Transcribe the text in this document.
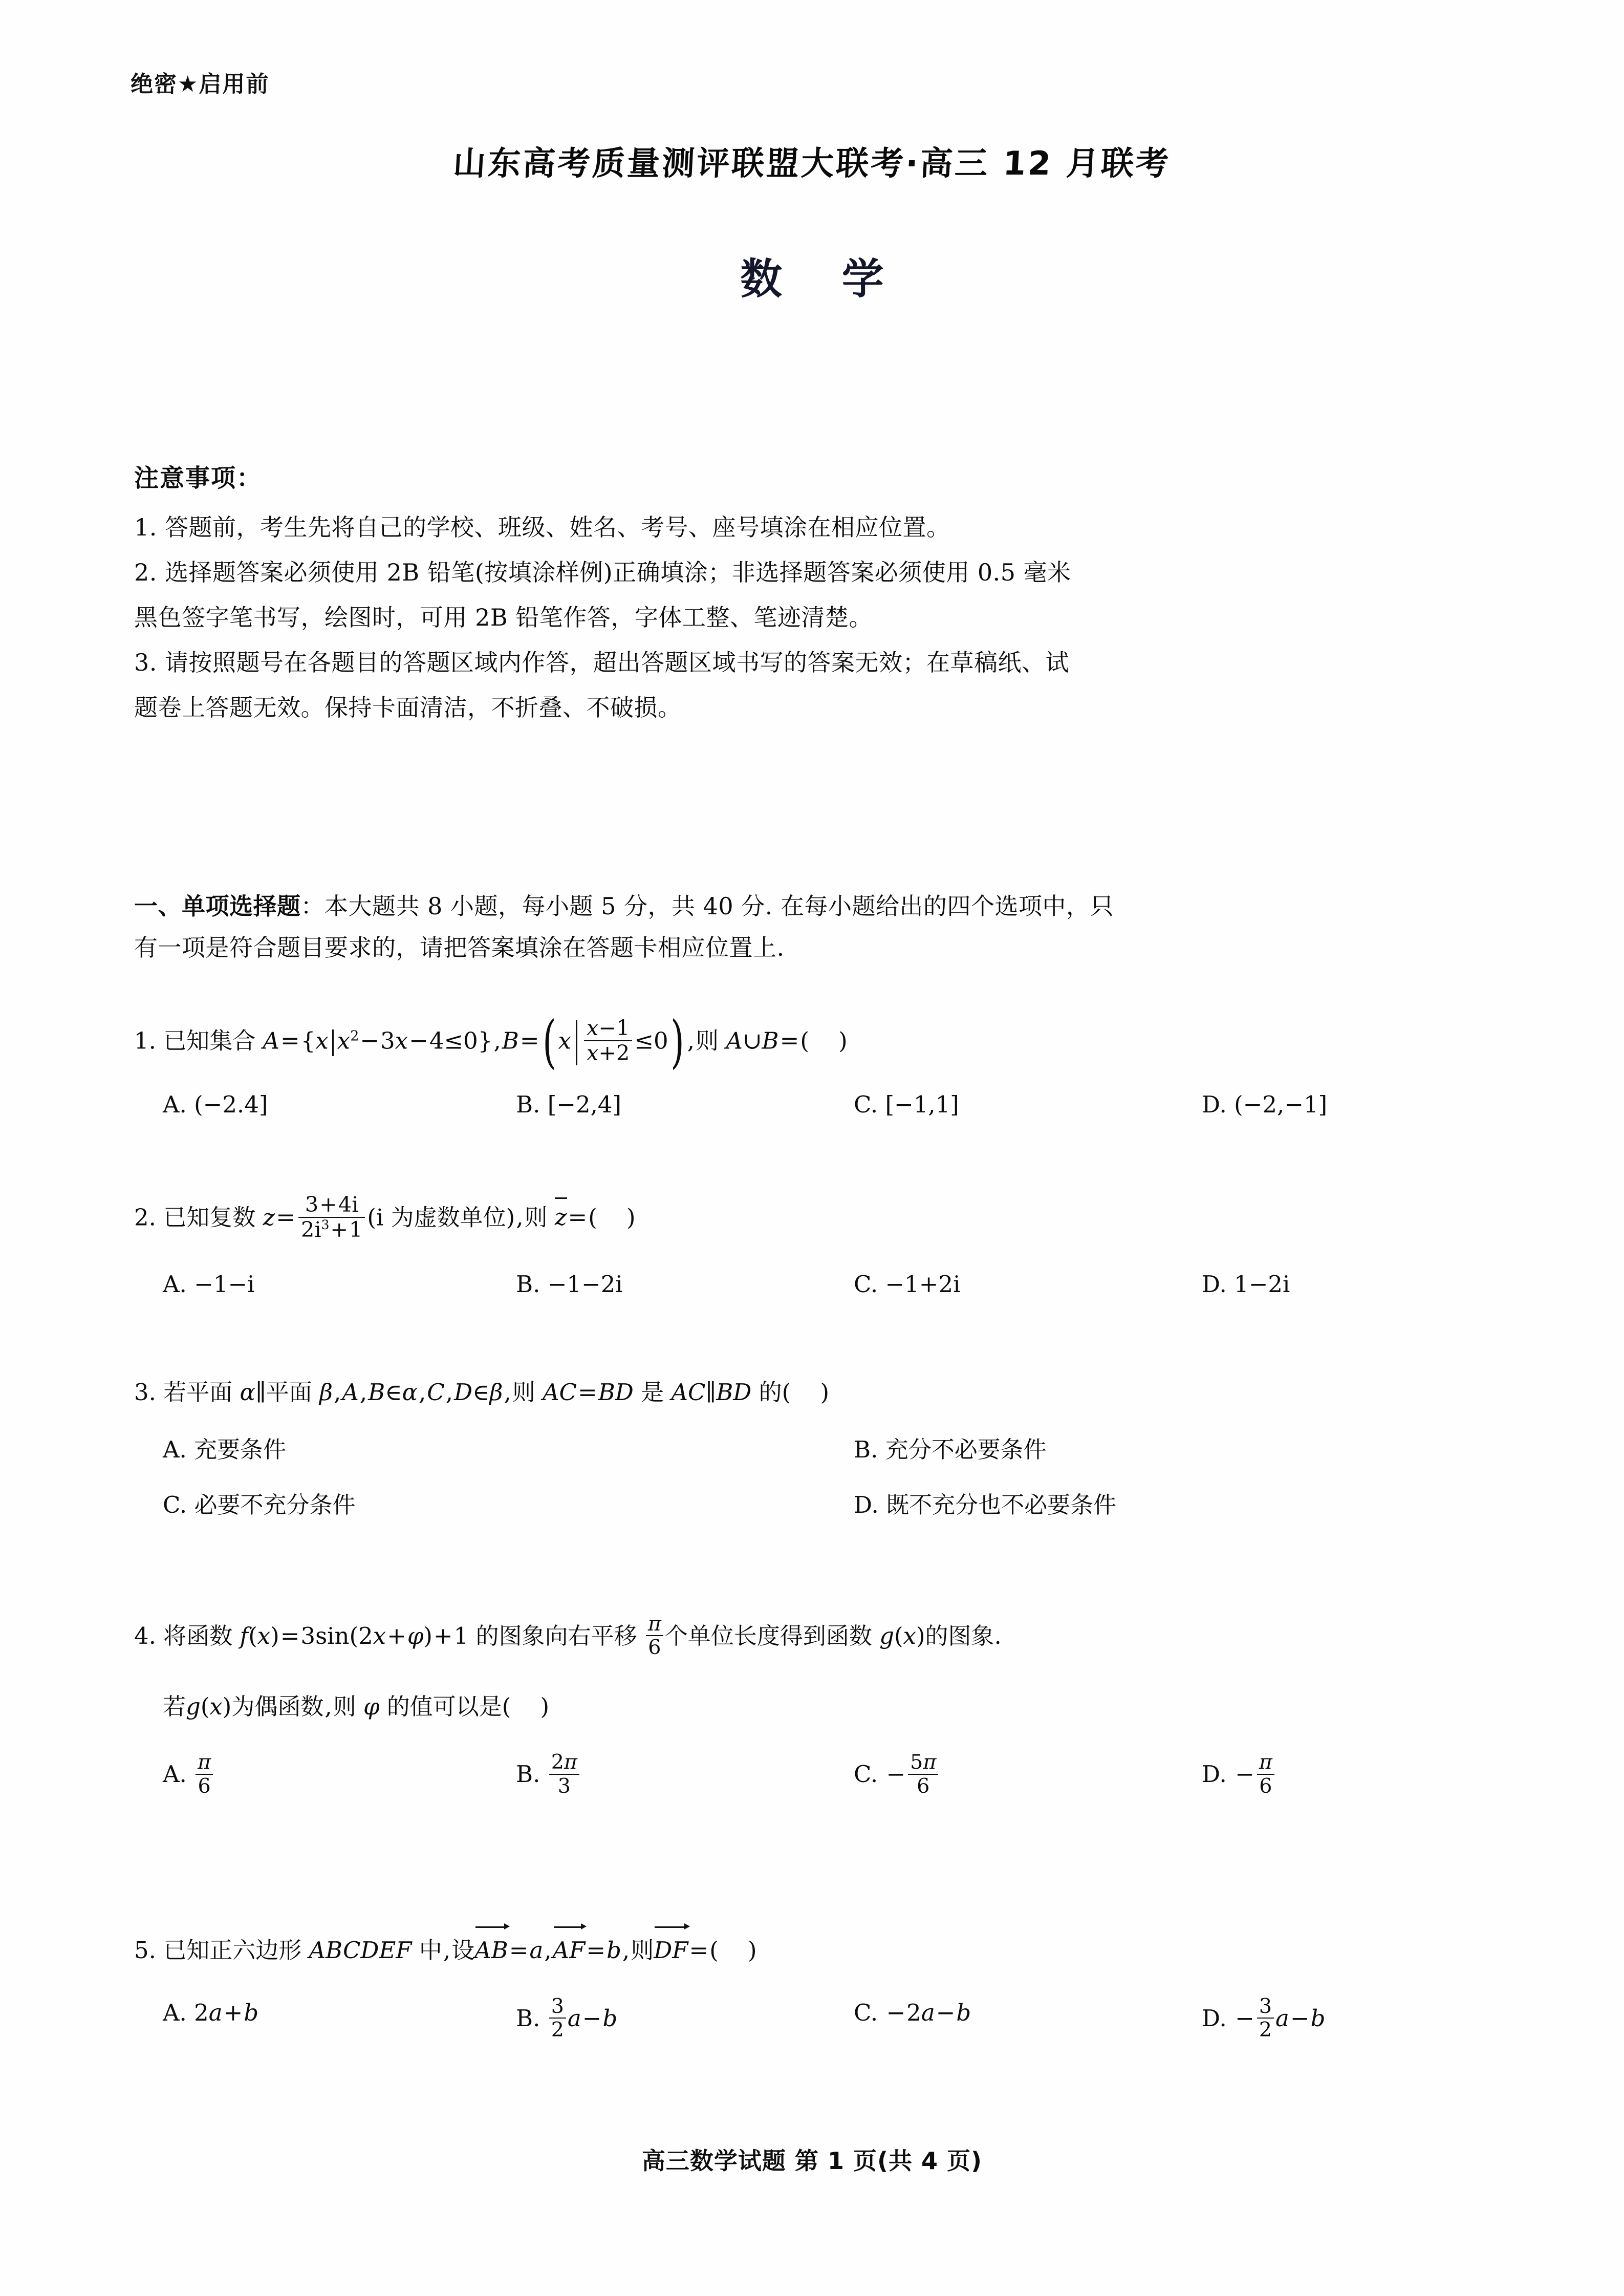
绝密★启用前
山东高考质量测评联盟大联考·高三 12 月联考
数 学
注意事项：

1. 答题前，考生先将自己的学校、班级、姓名、考号、座号填涂在相应位置。

2. 选择题答案必须使用 2B 铅笔(按填涂样例)正确填涂；非选择题答案必须使用 0.5 毫米

黑色签字笔书写，绘图时，可用 2B 铅笔作答，字体工整、笔迹清楚。

3. 请按照题号在各题目的答题区域内作答，超出答题区域书写的答案无效；在草稿纸、试

题卷上答题无效。保持卡面清洁，不折叠、不破损。

一、单项选择题：本大题共 8 小题，每小题 5 分，共 40 分. 在每小题给出的四个选项中，只
有一项是符合题目要求的，请把答案填涂在答题卡相应位置上.
1. 已知集合 A={x $x^2-3x-4\le 0\},B=(x \frac{x-1}{x+2} \le 0)$ ,则 A∪B=(    )
A. (−2.4]	B. [−2,4]	C. [−1,1]	D. (−2,−1]
2. 已知复数 $z= \frac{3+4i}{2i^3+1} (i$ 为虚数单位),则 z=(    )
A. −1−i	B. −1−2i	C. −1+2i	D. 1−2i
3. 若平面 α∥平面 β,A,B∈α,C,D∈β,则 AC=BD 是 AC∥BD 的(    )
A. 充要条件	B. 充分不必要条件
C. 必要不充分条件	D. 既不充分也不必要条件
4. 将函数 f(x)=3sin(2x+φ)+1 的图象向右平移 $\frac{\pi}{6}$ 个单位长度得到函数 g(x)的图象.
若g(x)为偶函数,则 φ 的值可以是(    )
A. $\frac{\pi}{6}$	B. $\frac{2\pi}{3}$	C. − $\frac{5\pi}{6}$	D. − $\frac{\pi}{6}$
5. 已知正六边形 ABCDEF 中,设
AB=a,
AF=b,则
DF=(    )
A. 2a+b	B. $\frac{3}{2} a-b$	C. −2a−b	D. − $\frac{3}{2} a-b$
高三数学试题 第 1 页(共 4 页)
